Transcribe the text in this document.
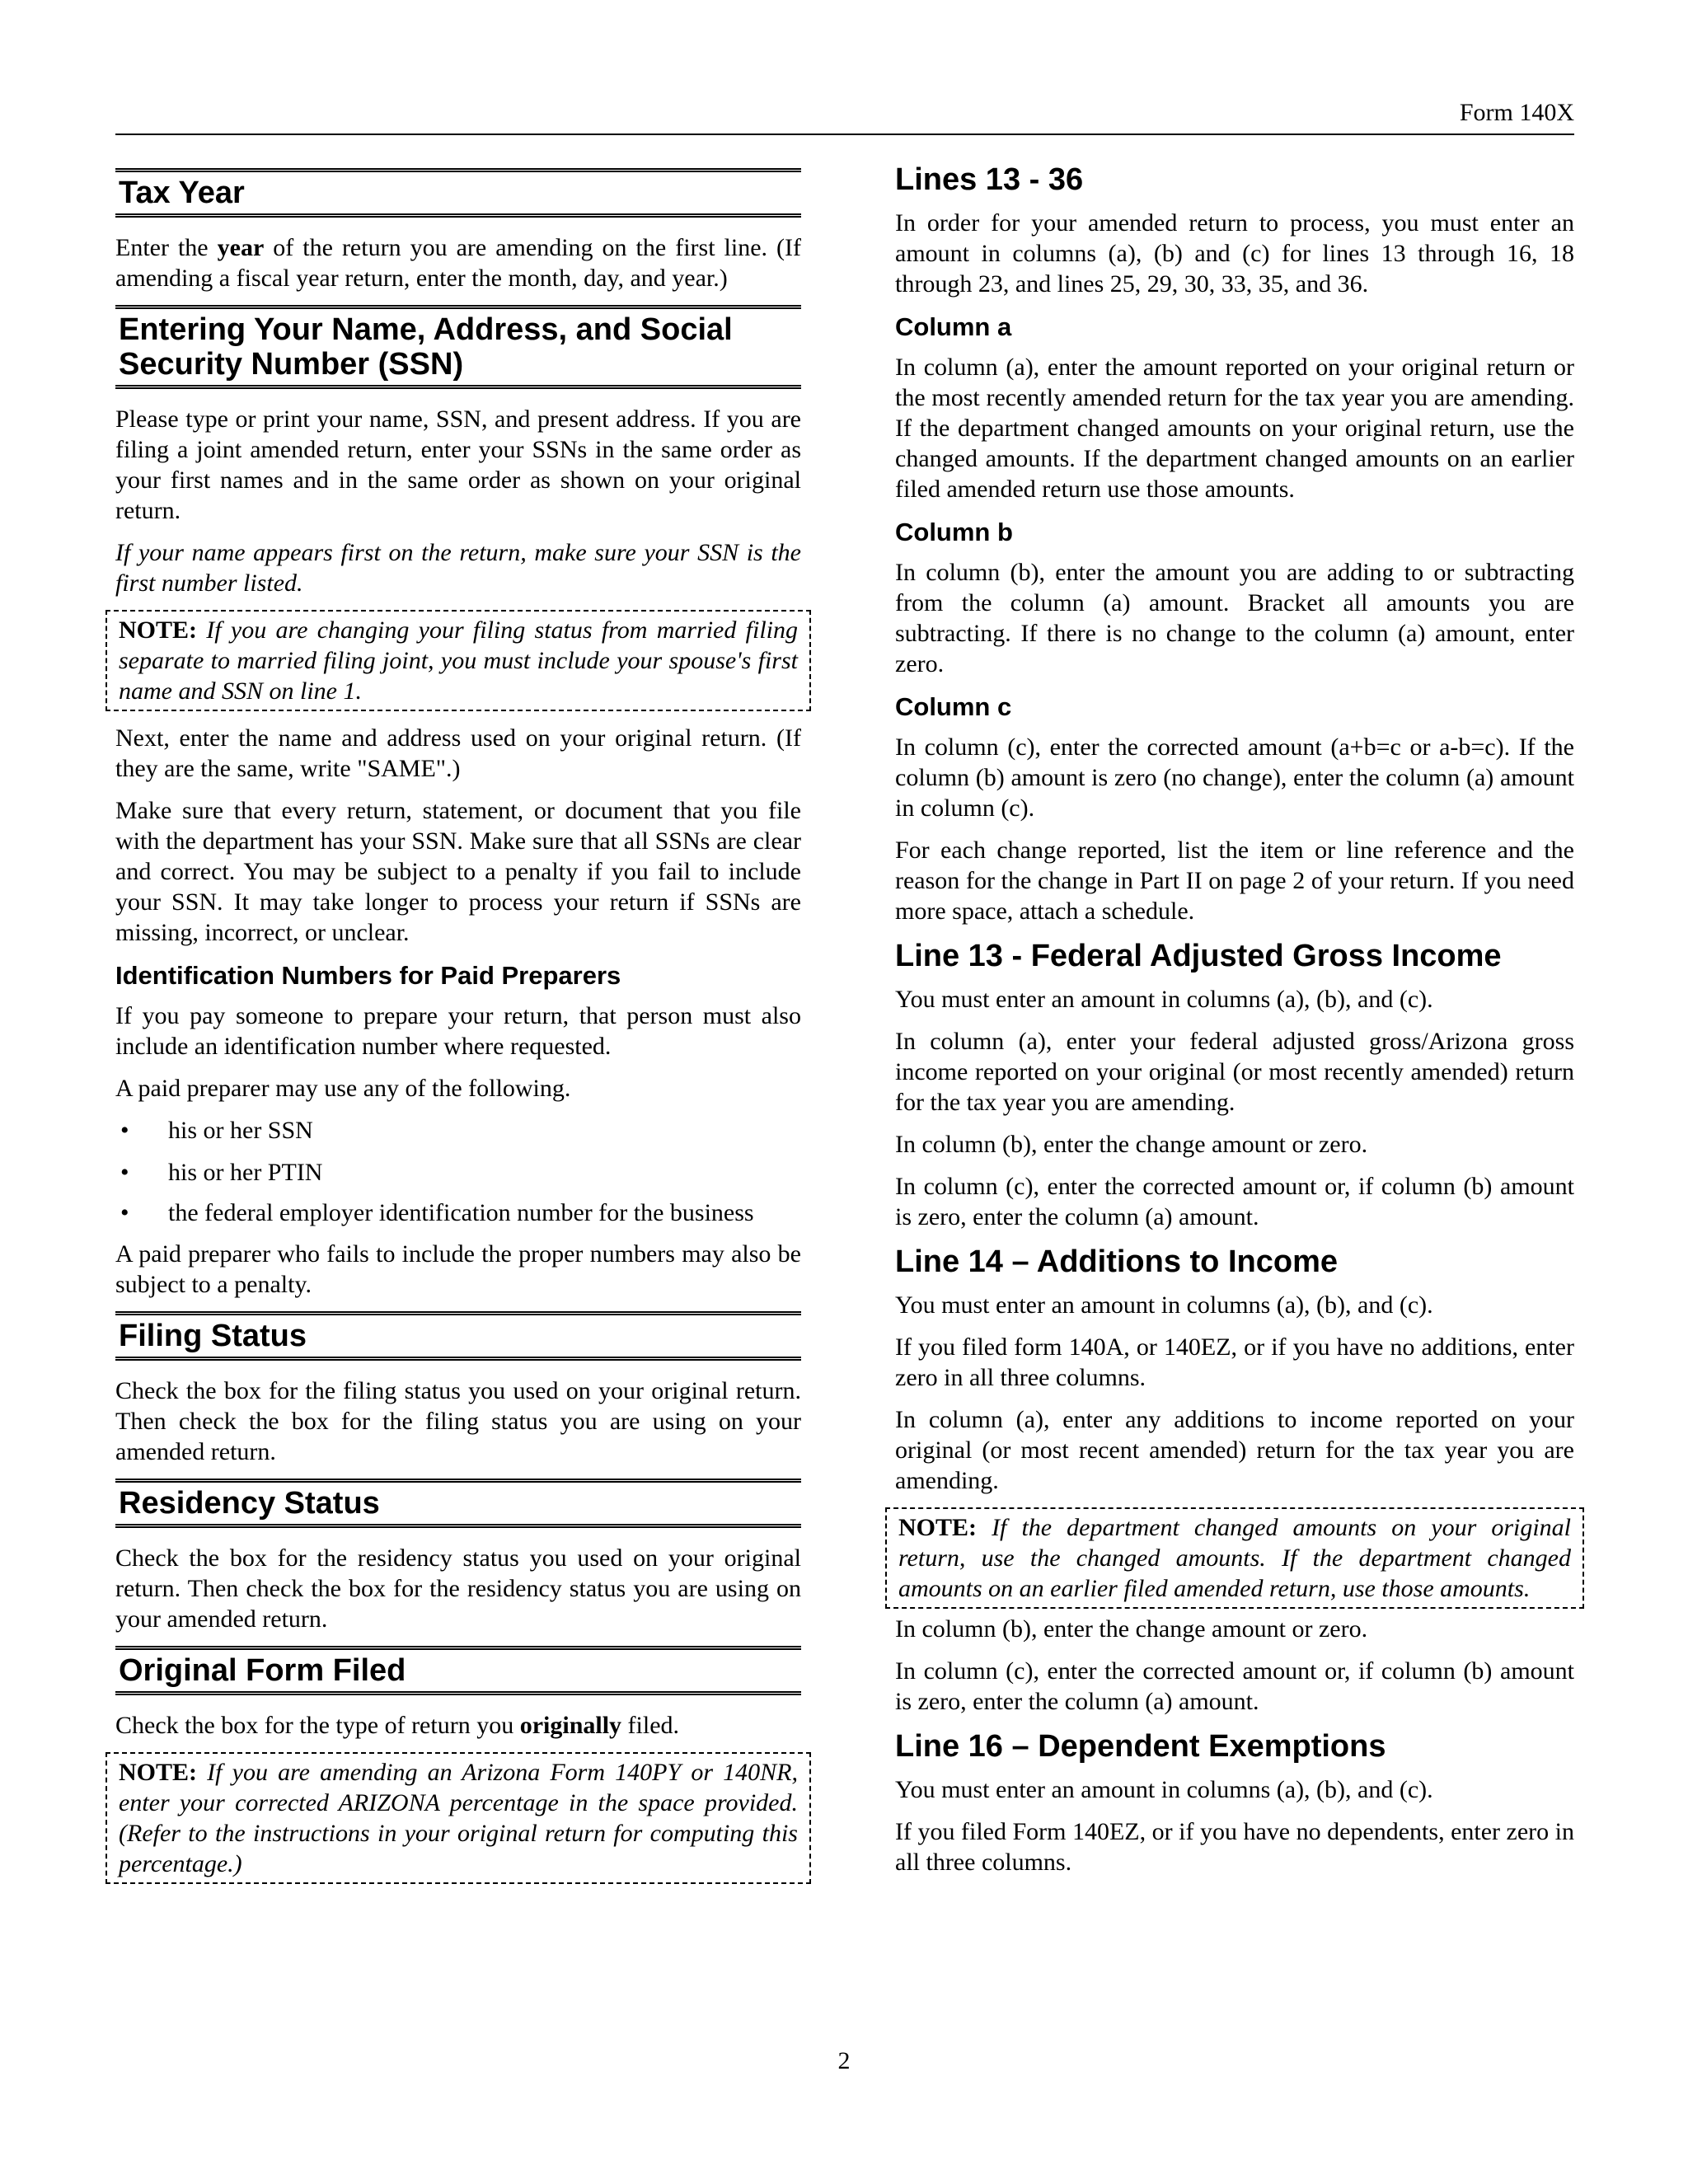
Form 140X
Tax Year

Enter the year of the return you are amending on the first line. (If amending a fiscal year return, enter the month, day, and year.)

Entering Your Name, Address, and Social Security Number (SSN)

Please type or print your name, SSN, and present address. If you are filing a joint amended return, enter your SSNs in the same order as your first names and in the same order as shown on your original return.

If your name appears first on the return, make sure your SSN is the first number listed.

NOTE: If you are changing your filing status from married filing separate to married filing joint, you must include your spouse's first name and SSN on line 1.

Next, enter the name and address used on your original return. (If they are the same, write "SAME".)

Make sure that every return, statement, or document that you file with the department has your SSN. Make sure that all SSNs are clear and correct. You may be subject to a penalty if you fail to include your SSN. It may take longer to process your return if SSNs are missing, incorrect, or unclear.

Identification Numbers for Paid Preparers

If you pay someone to prepare your return, that person must also include an identification number where requested.

A paid preparer may use any of the following.

• his or her SSN
• his or her PTIN
• the federal employer identification number for the business

A paid preparer who fails to include the proper numbers may also be subject to a penalty.

Filing Status

Check the box for the filing status you used on your original return. Then check the box for the filing status you are using on your amended return.

Residency Status

Check the box for the residency status you used on your original return. Then check the box for the residency status you are using on your amended return.

Original Form Filed

Check the box for the type of return you originally filed.

NOTE: If you are amending an Arizona Form 140PY or 140NR, enter your corrected ARIZONA percentage in the space provided. (Refer to the instructions in your original return for computing this percentage.)
Lines 13 - 36

In order for your amended return to process, you must enter an amount in columns (a), (b) and (c) for lines 13 through 16, 18 through 23, and lines 25, 29, 30, 33, 35, and 36.

Column a

In column (a), enter the amount reported on your original return or the most recently amended return for the tax year you are amending. If the department changed amounts on your original return, use the changed amounts. If the department changed amounts on an earlier filed amended return use those amounts.

Column b

In column (b), enter the amount you are adding to or subtracting from the column (a) amount. Bracket all amounts you are subtracting. If there is no change to the column (a) amount, enter zero.

Column c

In column (c), enter the corrected amount (a+b=c or a-b=c). If the column (b) amount is zero (no change), enter the column (a) amount in column (c).

For each change reported, list the item or line reference and the reason for the change in Part II on page 2 of your return. If you need more space, attach a schedule.

Line 13 - Federal Adjusted Gross Income

You must enter an amount in columns (a), (b), and (c).

In column (a), enter your federal adjusted gross/Arizona gross income reported on your original (or most recently amended) return for the tax year you are amending.

In column (b), enter the change amount or zero.

In column (c), enter the corrected amount or, if column (b) amount is zero, enter the column (a) amount.

Line 14 – Additions to Income

You must enter an amount in columns (a), (b), and (c).

If you filed form 140A, or 140EZ, or if you have no additions, enter zero in all three columns.

In column (a), enter any additions to income reported on your original (or most recent amended) return for the tax year you are amending.

NOTE: If the department changed amounts on your original return, use the changed amounts. If the department changed amounts on an earlier filed amended return, use those amounts.

In column (b), enter the change amount or zero.

In column (c), enter the corrected amount or, if column (b) amount is zero, enter the column (a) amount.

Line 16 – Dependent Exemptions

You must enter an amount in columns (a), (b), and (c).

If you filed Form 140EZ, or if you have no dependents, enter zero in all three columns.

2
